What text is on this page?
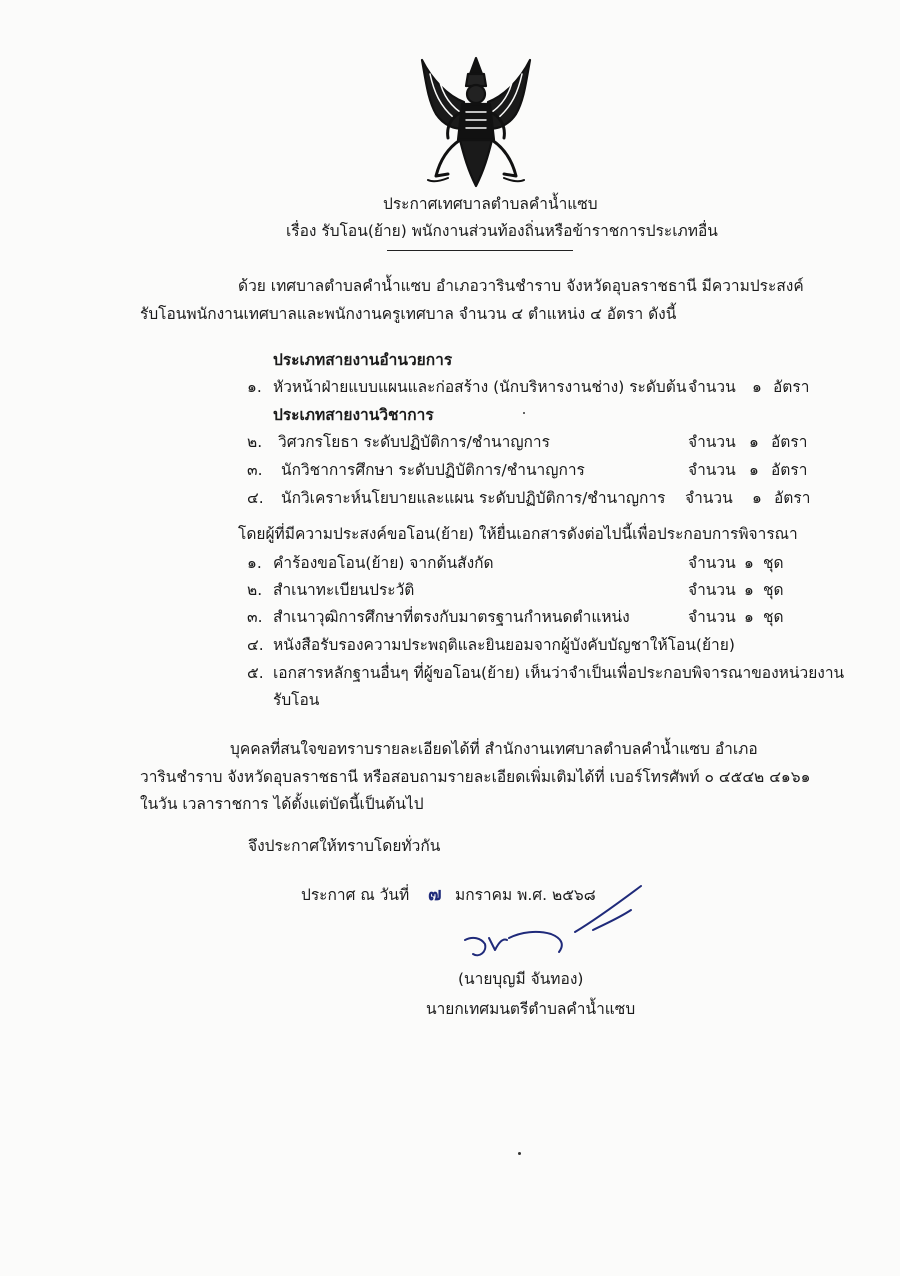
ประกาศเทศบาลตำบลคำน้ำแซบ
เรื่อง รับโอน(ย้าย) พนักงานส่วนท้องถิ่นหรือข้าราชการประเภทอื่น
ด้วย เทศบาลตำบลคำน้ำแซบ อำเภอวารินชำราบ จังหวัดอุบลราชธานี มีความประสงค์
รับโอนพนักงานเทศบาลและพนักงานครูเทศบาล จำนวน ๔ ตำแหน่ง ๔ อัตรา ดังนี้
ประเภทสายงานอำนวยการ
๑. หัวหน้าฝ่ายแบบแผนและก่อสร้าง (นักบริหารงานช่าง) ระดับต้น จำนวน ๑ อัตรา
ประเภทสายงานวิชาการ
๒. วิศวกรโยธา ระดับปฏิบัติการ/ชำนาญการ	จำนวน ๑ อัตรา
๓. นักวิชาการศึกษา ระดับปฏิบัติการ/ชำนาญการ	จำนวน ๑ อัตรา
๔. นักวิเคราะห์นโยบายและแผน ระดับปฏิบัติการ/ชำนาญการ จำนวน ๑ อัตรา
โดยผู้ที่มีความประสงค์ขอโอน(ย้าย) ให้ยื่นเอกสารดังต่อไปนี้เพื่อประกอบการพิจารณา
๑. คำร้องขอโอน(ย้าย) จากต้นสังกัด	จำนวน ๑ ชุด
๒. สำเนาทะเบียนประวัติ	จำนวน ๑ ชุด
๓. สำเนาวุฒิการศึกษาที่ตรงกับมาตรฐานกำหนดตำแหน่ง	จำนวน ๑ ชุด
๔. หนังสือรับรองความประพฤติและยินยอมจากผู้บังคับบัญชาให้โอน(ย้าย)
๕. เอกสารหลักฐานอื่นๆ ที่ผู้ขอโอน(ย้าย) เห็นว่าจำเป็นเพื่อประกอบพิจารณาของหน่วยงาน
รับโอน
บุคคลที่สนใจขอทราบรายละเอียดได้ที่ สำนักงานเทศบาลตำบลคำน้ำแซบ อำเภอ
วารินชำราบ จังหวัดอุบลราชธานี หรือสอบถามรายละเอียดเพิ่มเติมได้ที่ เบอร์โทรศัพท์ ๐ ๔๕๔๒ ๔๑๖๑
ในวัน เวลาราชการ ได้ตั้งแต่บัดนี้เป็นต้นไป
จึงประกาศให้ทราบโดยทั่วกัน
ประกาศ ณ วันที่ ๗ มกราคม พ.ศ. ๒๕๖๘
(นายบุญมี จันทอง)
นายกเทศมนตรีตำบลคำน้ำแซบ
